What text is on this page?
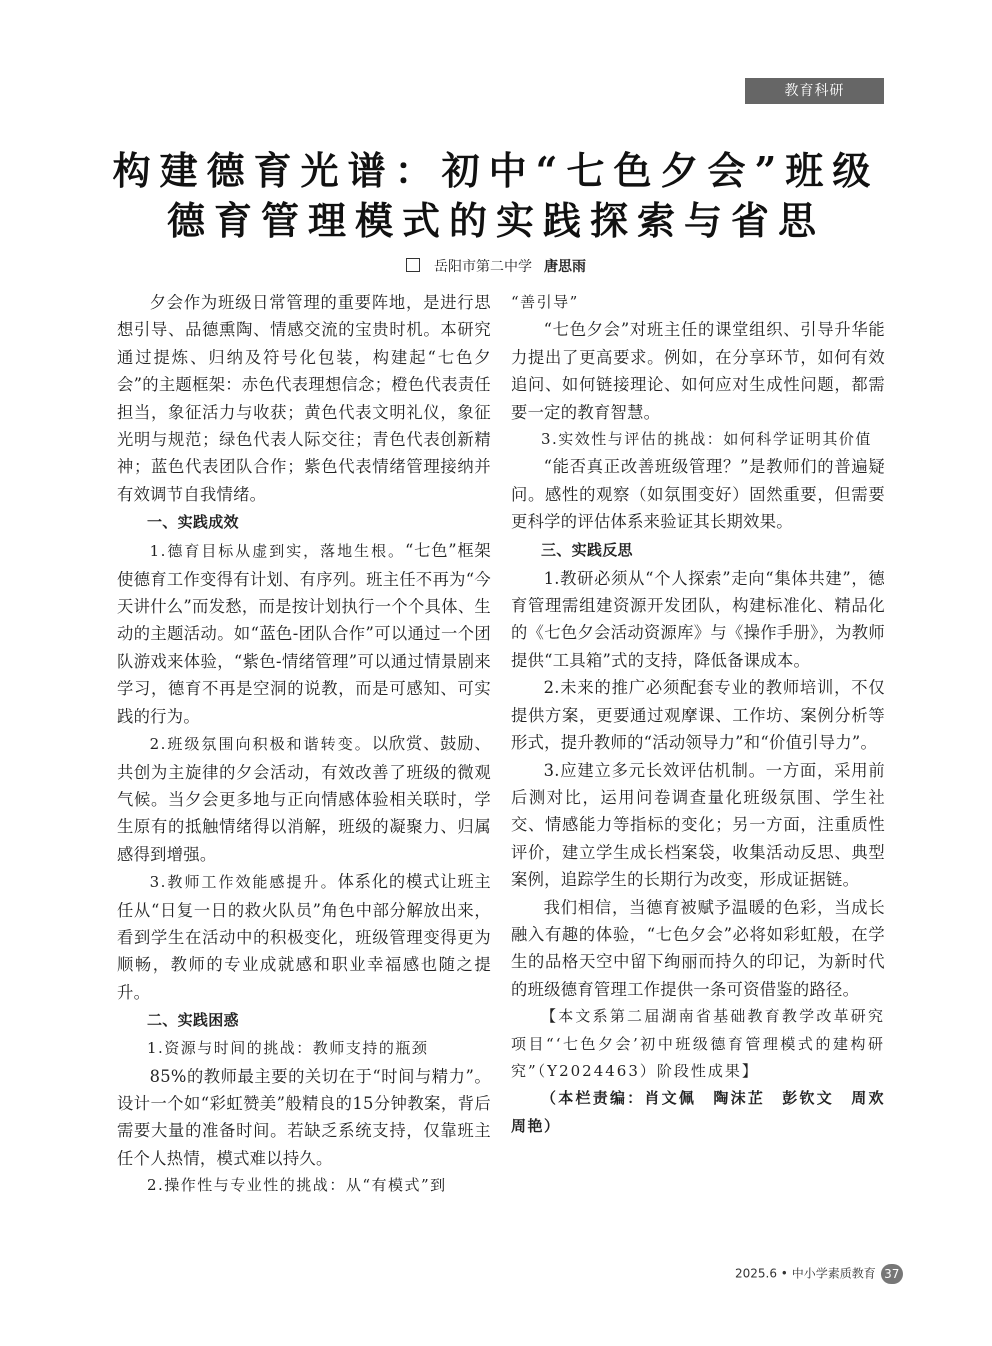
教育科研
构建德育光谱：初中“七色夕会”班级
德育管理模式的实践探索与省思
岳阳市第二中学 唐思雨

夕会作为班级日常管理的重要阵地，是进行思想引导、品德熏陶、情感交流的宝贵时机。本研究通过提炼、归纳及符号化包装，构建起“七色夕会”的主题框架：赤色代表理想信念；橙色代表责任担当，象征活力与收获；黄色代表文明礼仪，象征光明与规范；绿色代表人际交往；青色代表创新精神；蓝色代表团队合作；紫色代表情绪管理接纳并有效调节自我情绪。

一、实践成效

1.德育目标从虚到实，落地生根。“七色”框架使德育工作变得有计划、有序列。班主任不再为“今天讲什么”而发愁，而是按计划执行一个个具体、生动的主题活动。如“蓝色-团队合作”可以通过一个团队游戏来体验，“紫色-情绪管理”可以通过情景剧来学习，德育不再是空洞的说教，而是可感知、可实践的行为。

2.班级氛围向积极和谐转变。以欣赏、鼓励、共创为主旋律的夕会活动，有效改善了班级的微观气候。当夕会更多地与正向情感体验相关联时，学生原有的抵触情绪得以消解，班级的凝聚力、归属感得到增强。

3.教师工作效能感提升。体系化的模式让班主任从“日复一日的救火队员”角色中部分解放出来，看到学生在活动中的积极变化，班级管理变得更为顺畅，教师的专业成就感和职业幸福感也随之提升。

二、实践困惑

1.资源与时间的挑战：教师支持的瓶颈

85%的教师最主要的关切在于“时间与精力”。设计一个如“彩虹赞美”般精良的15分钟教案，背后需要大量的准备时间。若缺乏系统支持，仅靠班主任个人热情，模式难以持久。

2.操作性与专业性的挑战：从“有模式”到

“善引导”

“七色夕会”对班主任的课堂组织、引导升华能力提出了更高要求。例如，在分享环节，如何有效追问、如何链接理论、如何应对生成性问题，都需要一定的教育智慧。

3.实效性与评估的挑战：如何科学证明其价值

“能否真正改善班级管理？”是教师们的普遍疑问。感性的观察（如氛围变好）固然重要，但需要更科学的评估体系来验证其长期效果。

三、实践反思

1.教研必须从“个人探索”走向“集体共建”，德育管理需组建资源开发团队，构建标准化、精品化的《七色夕会活动资源库》与《操作手册》，为教师提供“工具箱”式的支持，降低备课成本。

2.未来的推广必须配套专业的教师培训，不仅提供方案，更要通过观摩课、工作坊、案例分析等形式，提升教师的“活动领导力”和“价值引导力”。

3.应建立多元长效评估机制。一方面，采用前后测对比，运用问卷调查量化班级氛围、学生社交、情感能力等指标的变化；另一方面，注重质性评价，建立学生成长档案袋，收集活动反思、典型案例，追踪学生的长期行为改变，形成证据链。

我们相信，当德育被赋予温暖的色彩，当成长融入有趣的体验，“七色夕会”必将如彩虹般，在学生的品格天空中留下绚丽而持久的印记，为新时代的班级德育管理工作提供一条可资借鉴的路径。

【本文系第二届湖南省基础教育教学改革研究项目“‘七色夕会’初中班级德育管理模式的建构研究”（Y2024463）阶段性成果】

（本栏责编：肖文佩　陶沫芷　彭钦文　周欢　周艳）

2025.6 • 中小学素质教育 37
